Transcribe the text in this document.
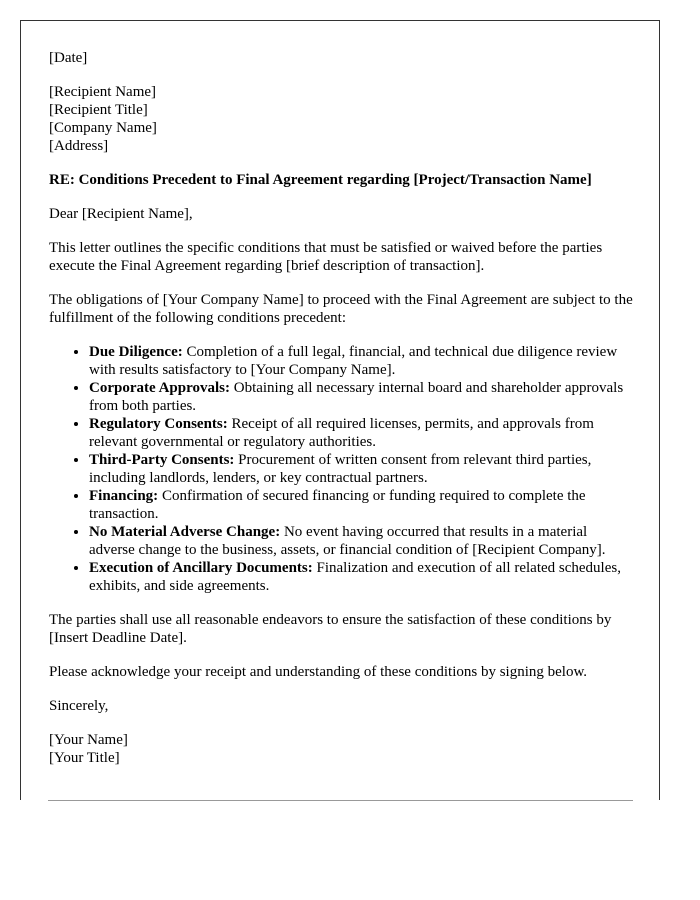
[Date]
[Recipient Name]
[Recipient Title]
[Company Name]
[Address]

RE: Conditions Precedent to Final Agreement regarding [Project/Transaction Name]

Dear [Recipient Name],

This letter outlines the specific conditions that must be satisfied or waived before the parties execute the Final Agreement regarding [brief description of transaction].

The obligations of [Your Company Name] to proceed with the Final Agreement are subject to the fulfillment of the following conditions precedent:

• Due Diligence: Completion of a full legal, financial, and technical due diligence review with results satisfactory to [Your Company Name].
• Corporate Approvals: Obtaining all necessary internal board and shareholder approvals from both parties.
• Regulatory Consents: Receipt of all required licenses, permits, and approvals from relevant governmental or regulatory authorities.
• Third-Party Consents: Procurement of written consent from relevant third parties, including landlords, lenders, or key contractual partners.
• Financing: Confirmation of secured financing or funding required to complete the transaction.
• No Material Adverse Change: No event having occurred that results in a material adverse change to the business, assets, or financial condition of [Recipient Company].
• Execution of Ancillary Documents: Finalization and execution of all related schedules, exhibits, and side agreements.

The parties shall use all reasonable endeavors to ensure the satisfaction of these conditions by [Insert Deadline Date].

Please acknowledge your receipt and understanding of these conditions by signing below.

Sincerely,

[Your Name]
[Your Title]
